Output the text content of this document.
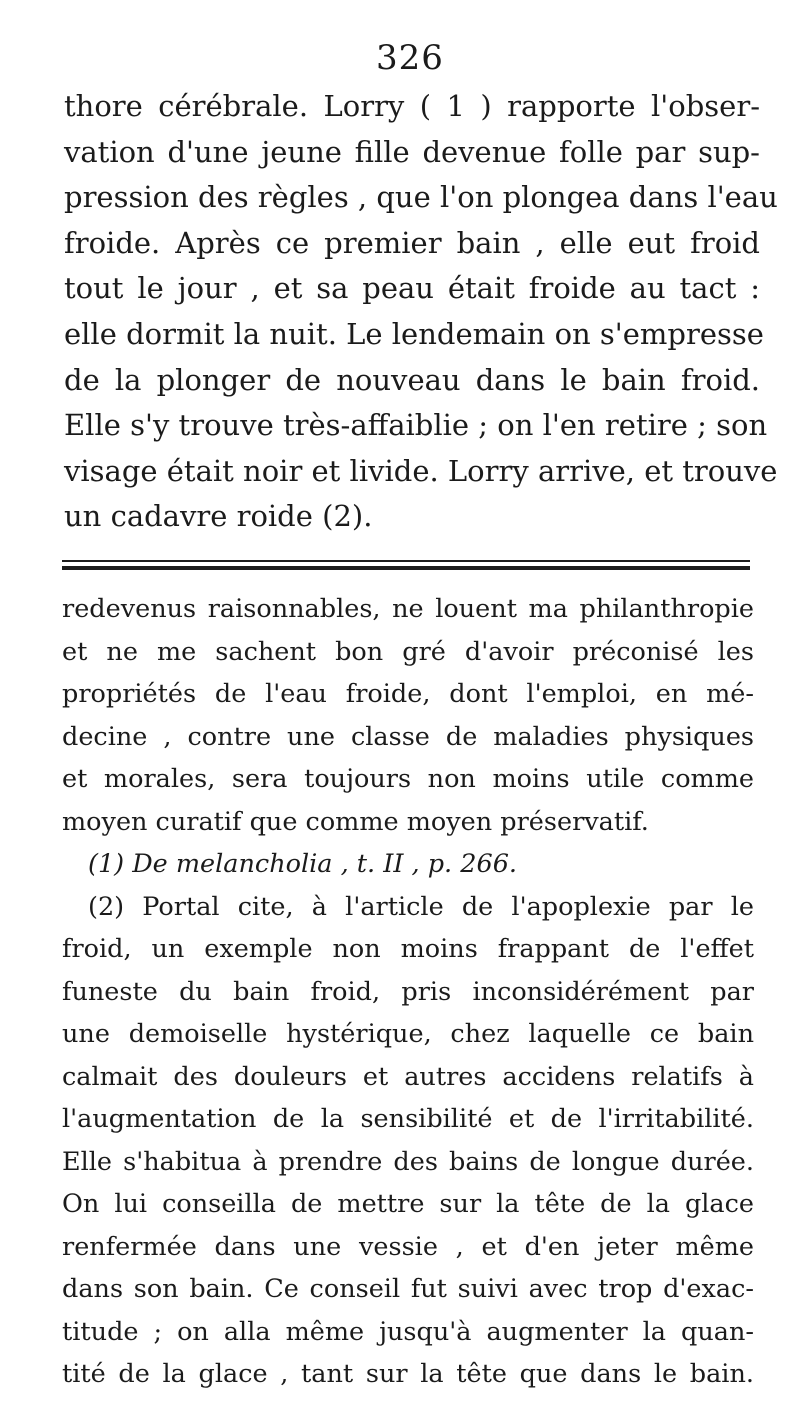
326
thore cérébrale. Lorry ( 1 ) rapporte l'obser-
vation d'une jeune fille devenue folle par sup-
pression des règles , que l'on plongea dans l'eau
froide. Après ce premier bain , elle eut froid
tout le jour , et sa peau était froide au tact :
elle dormit la nuit. Le lendemain on s'empresse
de la plonger de nouveau dans le bain froid.
Elle s'y trouve très-affaiblie ; on l'en retire ; son
visage était noir et livide. Lorry arrive, et trouve
un cadavre roide (2).
redevenus raisonnables, ne louent ma philanthropie
et ne me sachent bon gré d'avoir préconisé les
propriétés de l'eau froide, dont l'emploi, en mé-
decine , contre une classe de maladies physiques
et morales, sera toujours non moins utile comme
moyen curatif que comme moyen préservatif.
(1) De melancholia , t. II , p. 266.
(2) Portal cite, à l'article de l'apoplexie par le
froid, un exemple non moins frappant de l'effet
funeste du bain froid, pris inconsidérément par
une demoiselle hystérique, chez laquelle ce bain
calmait des douleurs et autres accidens relatifs à
l'augmentation de la sensibilité et de l'irritabilité.
Elle s'habitua à prendre des bains de longue durée.
On lui conseilla de mettre sur la tête de la glace
renfermée dans une vessie , et d'en jeter même
dans son bain. Ce conseil fut suivi avec trop d'exac-
titude ; on alla même jusqu'à augmenter la quan-
tité de la glace , tant sur la tête que dans le bain.
